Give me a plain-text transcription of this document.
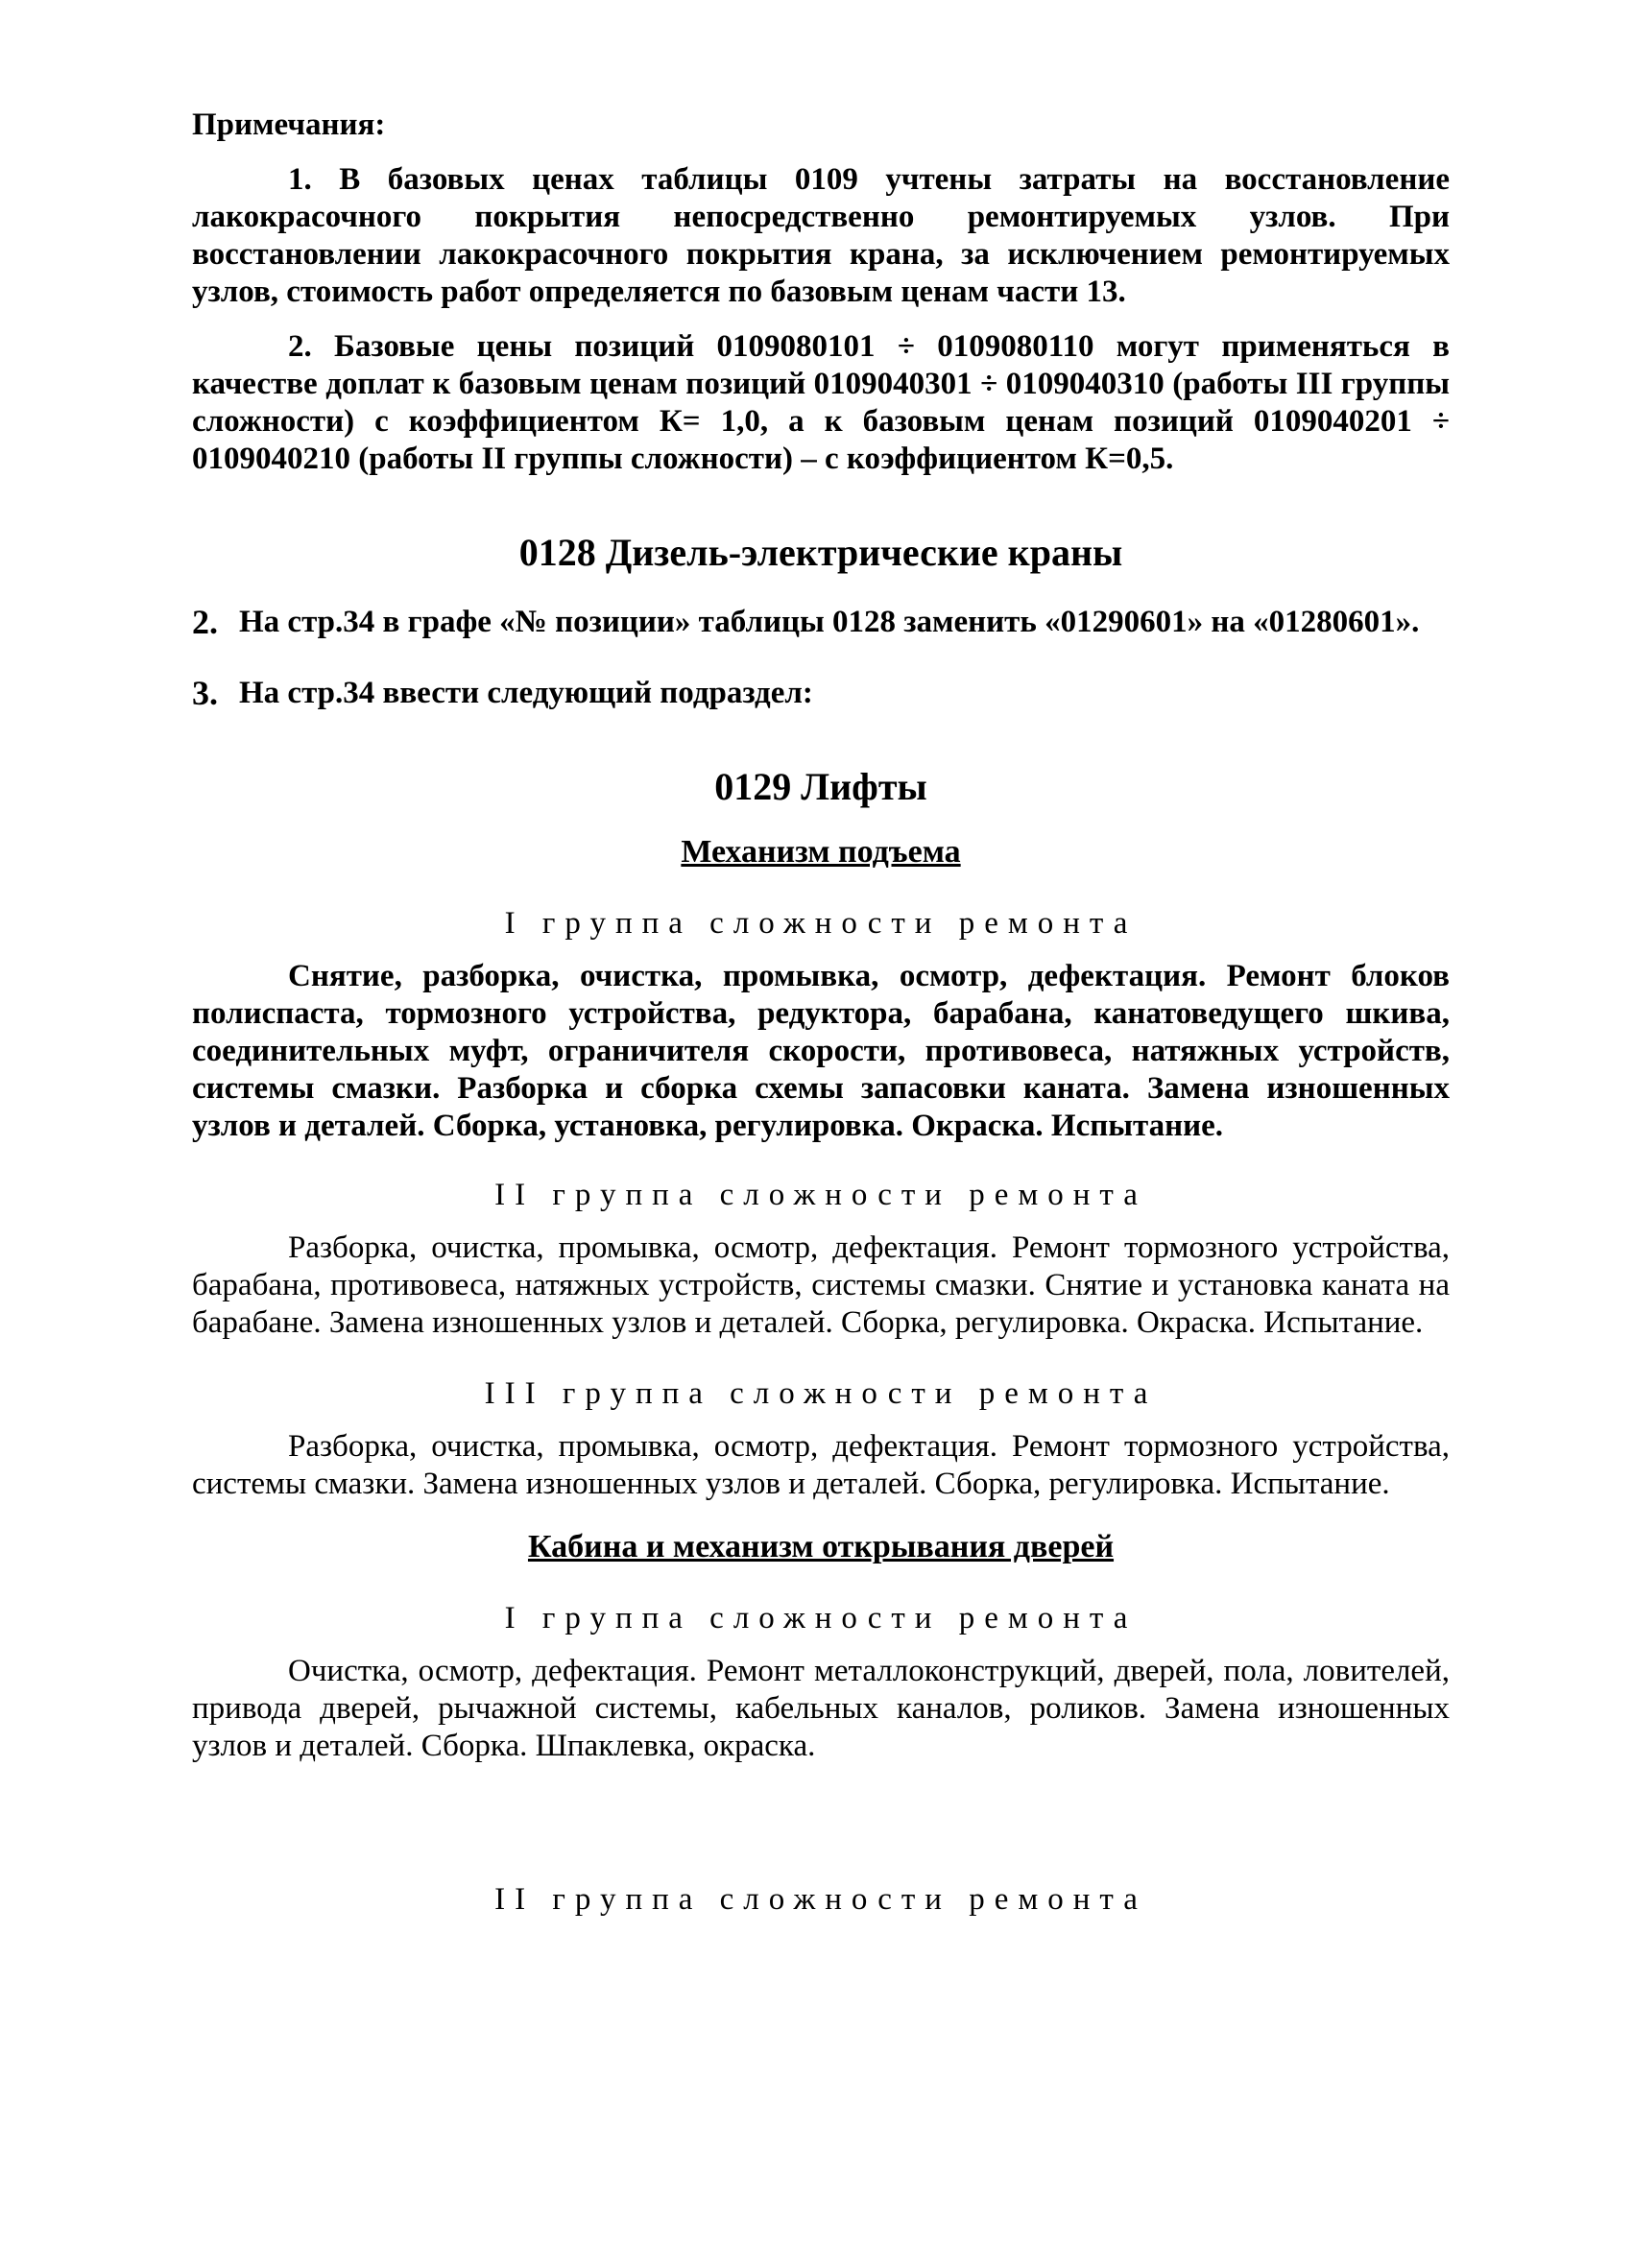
Примечания:

1. В базовых ценах таблицы 0109 учтены затраты на восстановление лакокрасочного покрытия непосредственно ремонтируемых узлов. При восстановлении лакокрасочного покрытия крана, за исключением ремонтируемых узлов, стоимость работ определяется по базовым ценам части 13.

2. Базовые цены позиций 0109080101 ÷ 0109080110 могут применяться в качестве доплат к базовым ценам позиций 0109040301 ÷ 0109040310 (работы III группы сложности) с коэффициентом К= 1,0, а к базовым ценам позиций 0109040201 ÷ 0109040210 (работы II группы сложности) – с коэффициентом К=0,5.

0128 Дизель-электрические краны

2. На стр.34 в графе «№ позиции» таблицы 0128 заменить «01290601» на «01280601».
3. На стр.34 ввести следующий подраздел:

0129 Лифты

Механизм подъема

I группа сложности ремонта

Снятие, разборка, очистка, промывка, осмотр, дефектация. Ремонт блоков полиспаста, тормозного устройства, редуктора, барабана, канатоведущего шкива, соединительных муфт, ограничителя скорости, противовеса, натяжных устройств, системы смазки. Разборка и сборка схемы запасовки каната. Замена изношенных узлов и деталей. Сборка, установка, регулировка. Окраска. Испытание.

II группа сложности ремонта

Разборка, очистка, промывка, осмотр, дефектация. Ремонт тормозного устройства, барабана, противовеса, натяжных устройств, системы смазки. Снятие и установка каната на барабане. Замена изношенных узлов и деталей. Сборка, регулировка. Окраска. Испытание.

III группа сложности ремонта

Разборка, очистка, промывка, осмотр, дефектация. Ремонт тормозного устройства, системы смазки. Замена изношенных узлов и деталей. Сборка, регулировка. Испытание.

Кабина и механизм открывания дверей

I группа сложности ремонта

Очистка, осмотр, дефектация. Ремонт металлоконструкций, дверей, пола, ловителей, привода дверей, рычажной системы, кабельных каналов, роликов. Замена изношенных узлов и деталей. Сборка. Шпаклевка, окраска.

II группа сложности ремонта
